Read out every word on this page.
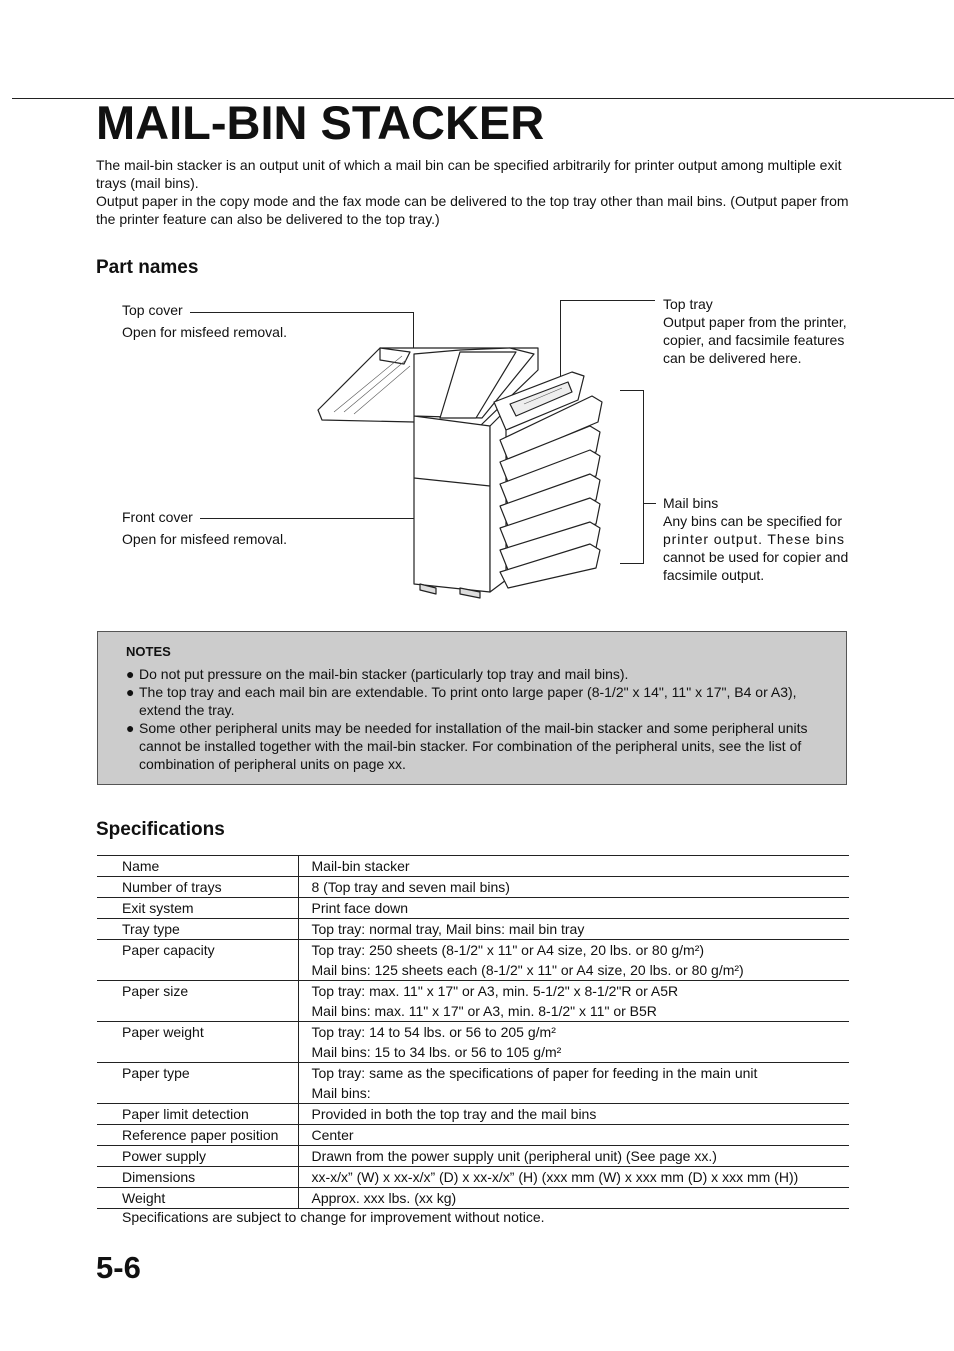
MAIL-BIN STACKER

The mail-bin stacker is an output unit of which a mail bin can be specified arbitrarily for printer output among multiple exit trays (mail bins).

Output paper in the copy mode and the fax mode can be delivered to the top tray other than mail bins. (Output paper from the printer feature can also be delivered to the top tray.)

Part names
Top cover
Open for misfeed removal.
Front cover
Open for misfeed removal.
Top tray
Output paper from the printer,
copier, and facsimile features
can be delivered here.
Mail bins
Any bins can be specified for
printer output. These bins
cannot be used for copier and
facsimile output.
NOTES
● Do not put pressure on the mail-bin stacker (particularly top tray and mail bins).
● The top tray and each mail bin are extendable. To print onto large paper (8-1/2" x 14", 11" x 17", B4 or A3), extend the tray.
● Some other peripheral units may be needed for installation of the mail-bin stacker and some peripheral units cannot be installed together with the mail-bin stacker. For combination of the peripheral units, see the list of combination of peripheral units on page xx.
Specifications
Name	Mail-bin stacker

Number of trays	8 (Top tray and seven mail bins)

Exit system	Print face down

Tray type	Top tray: normal tray, Mail bins: mail bin tray

Paper capacity	Top tray: 250 sheets (8-1/2" x 11" or A4 size, 20 lbs. or 80 g/m²)
Mail bins: 125 sheets each (8-1/2" x 11" or A4 size, 20 lbs. or 80 g/m²)

Paper size	Top tray: max. 11" x 17" or A3, min. 5-1/2" x 8-1/2"R or A5R
Mail bins: max. 11" x 17" or A3, min. 8-1/2" x 11" or B5R

Paper weight	Top tray: 14 to 54 lbs. or 56 to 205 g/m²
Mail bins: 15 to 34 lbs. or 56 to 105 g/m²

Paper type	Top tray: same as the specifications of paper for feeding in the main unit
Mail bins:

Paper limit detection	Provided in both the top tray and the mail bins

Reference paper position	Center

Power supply	Drawn from the power supply unit (peripheral unit) (See page xx.)

Dimensions	xx-x/x” (W) x xx-x/x” (D) x xx-x/x” (H) (xxx mm (W) x xxx mm (D) x xxx mm (H))

Weight	Approx. xxx lbs. (xx kg)
Specifications are subject to change for improvement without notice.
5-6
